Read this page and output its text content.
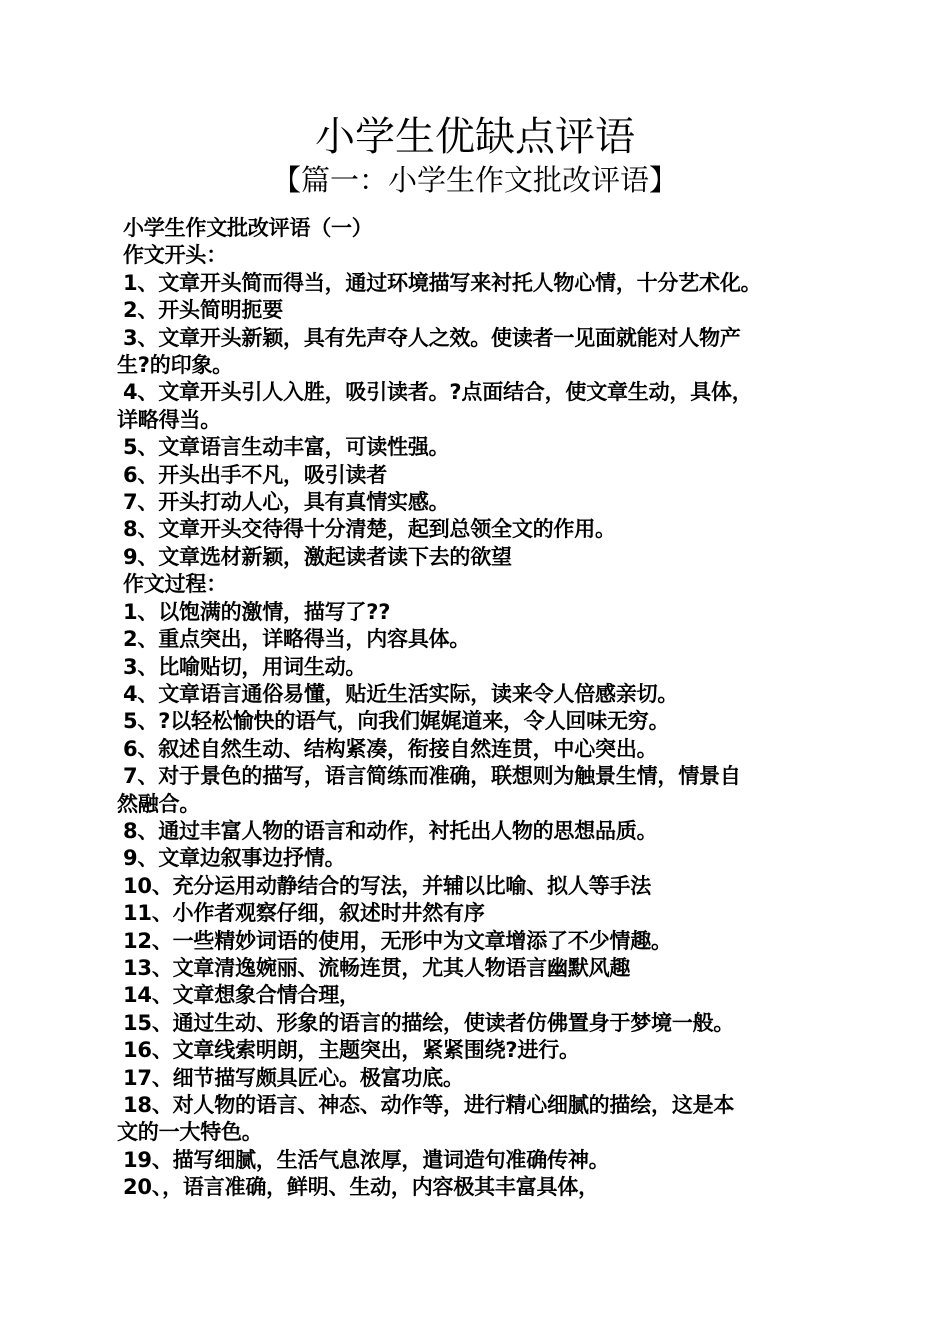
小学生优缺点评语
【篇一：小学生作文批改评语】
小学生作文批改评语（一）
作文开头：
1、文章开头简而得当，通过环境描写来衬托人物心情，十分艺术化。
2、开头简明扼要
3、文章开头新颖，具有先声夺人之效。使读者一见面就能对人物产
生?的印象。
4、文章开头引人入胜，吸引读者。?点面结合，使文章生动，具体，
详略得当。
5、文章语言生动丰富，可读性强。
6、开头出手不凡，吸引读者
7、开头打动人心，具有真情实感。
8、文章开头交待得十分清楚，起到总领全文的作用。
9、文章选材新颖，激起读者读下去的欲望
作文过程：
1、以饱满的激情，描写了??
2、重点突出，详略得当，内容具体。
3、比喻贴切，用词生动。
4、文章语言通俗易懂，贴近生活实际，读来令人倍感亲切。
5、?以轻松愉快的语气，向我们娓娓道来，令人回味无穷。
6、叙述自然生动、结构紧凑，衔接自然连贯，中心突出。
7、对于景色的描写，语言简练而准确，联想则为触景生情，情景自
然融合。
8、通过丰富人物的语言和动作，衬托出人物的思想品质。
9、文章边叙事边抒情。
10、充分运用动静结合的写法，并辅以比喻、拟人等手法
11、小作者观察仔细，叙述时井然有序
12、一些精妙词语的使用，无形中为文章增添了不少情趣。
13、文章清逸婉丽、流畅连贯，尤其人物语言幽默风趣
14、文章想象合情合理，
15、通过生动、形象的语言的描绘，使读者仿佛置身于梦境一般。
16、文章线索明朗，主题突出，紧紧围绕?进行。
17、细节描写颇具匠心。极富功底。
18、对人物的语言、神态、动作等，进行精心细腻的描绘，这是本
文的一大特色。
19、描写细腻，生活气息浓厚，遣词造句准确传神。
20、，语言准确，鲜明、生动，内容极其丰富具体，
